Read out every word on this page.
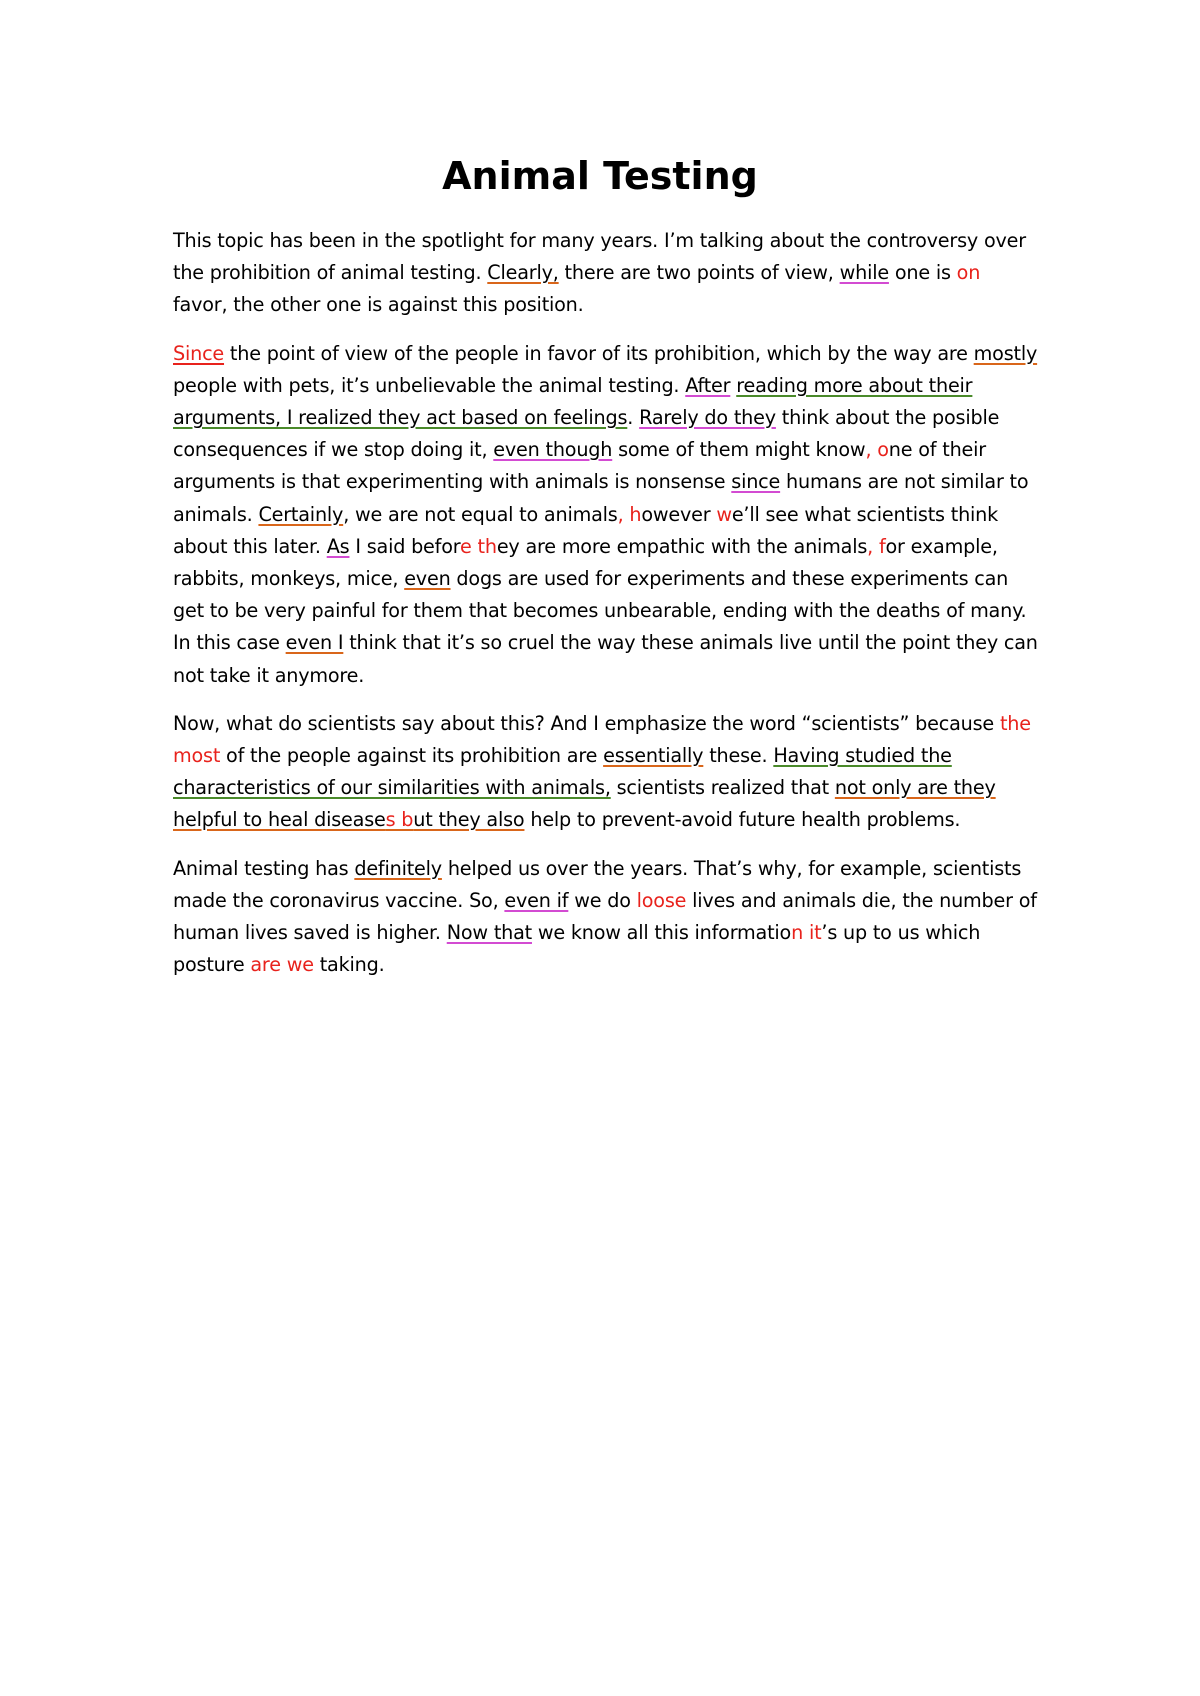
Animal Testing

This topic has been in the spotlight for many years. I’m talking about the controversy over the prohibition of animal testing. Clearly, there are two points of view, while one is on favor, the other one is against this position.

Since the point of view of the people in favor of its prohibition, which by the way are mostly people with pets, it’s unbelievable the animal testing. After reading more about their arguments, I realized they act based on feelings. Rarely do they think about the posible consequences if we stop doing it, even though some of them might know, one of their arguments is that experimenting with animals is nonsense since humans are not similar to animals. Certainly, we are not equal to animals, however we’ll see what scientists think about this later. As I said before they are more empathic with the animals, for example, rabbits, monkeys, mice, even dogs are used for experiments and these experiments can get to be very painful for them that becomes unbearable, ending with the deaths of many. In this case even I think that it’s so cruel the way these animals live until the point they can not take it anymore.

Now, what do scientists say about this? And I emphasize the word “scientists” because the most of the people against its prohibition are essentially these. Having studied the characteristics of our similarities with animals, scientists realized that not only are they helpful to heal diseases but they also help to prevent-avoid future health problems.

Animal testing has definitely helped us over the years. That’s why, for example, scientists made the coronavirus vaccine. So, even if we do loose lives and animals die, the number of human lives saved is higher. Now that we know all this information it’s up to us which posture are we taking.
